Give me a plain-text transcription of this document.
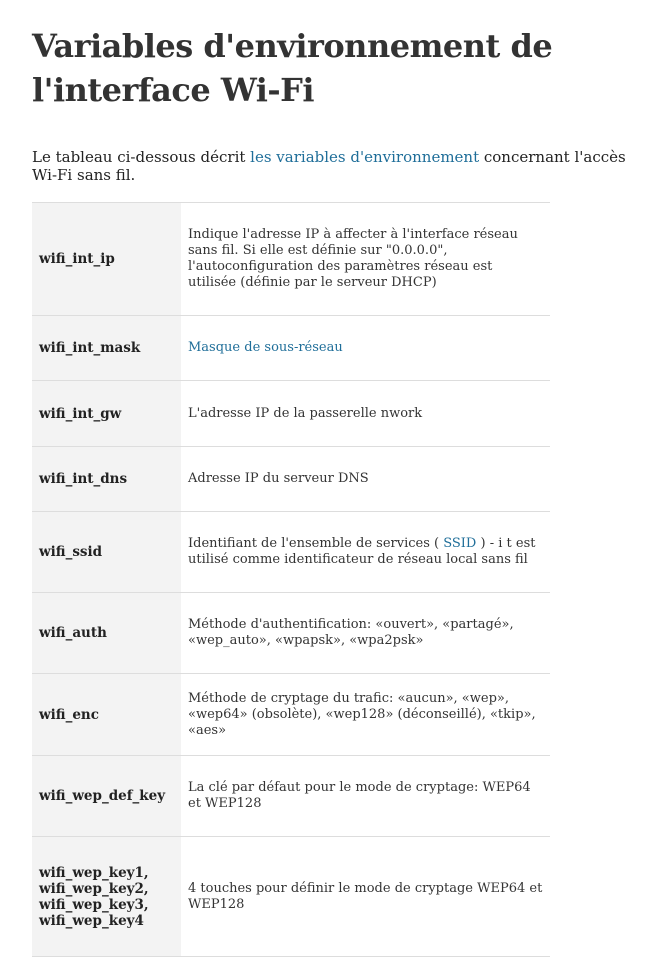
Variables d'environnement de
l'interface Wi-Fi

Le tableau ci-dessous décrit les variables d'environnement concernant l'accès Wi-Fi sans fil.

wifi_int_ip	Indique l'adresse IP à affecter à l'interface réseau sans fil. Si elle est définie sur "0.0.0.0", l'autoconfiguration des paramètres réseau est utilisée (définie par le serveur DHCP)
wifi_int_mask	Masque de sous-réseau
wifi_int_gw	L'adresse IP de la passerelle nwork
wifi_int_dns	Adresse IP du serveur DNS
wifi_ssid	Identifiant de l'ensemble de services ( SSID ) - i t est utilisé comme identificateur de réseau local sans fil
wifi_auth	Méthode d'authentification: «ouvert», «partagé», «wep_auto», «wpapsk», «wpa2psk»
wifi_enc	Méthode de cryptage du trafic: «aucun», «wep», «wep64» (obsolète), «wep128» (déconseillé), «tkip», «aes»
wifi_wep_def_key	La clé par défaut pour le mode de cryptage: WEP64 et WEP128

wifi_wep_key1,
wifi_wep_key2,
wifi_wep_key3,
wifi_wep_key4	4 touches pour définir le mode de cryptage WEP64 et WEP128
